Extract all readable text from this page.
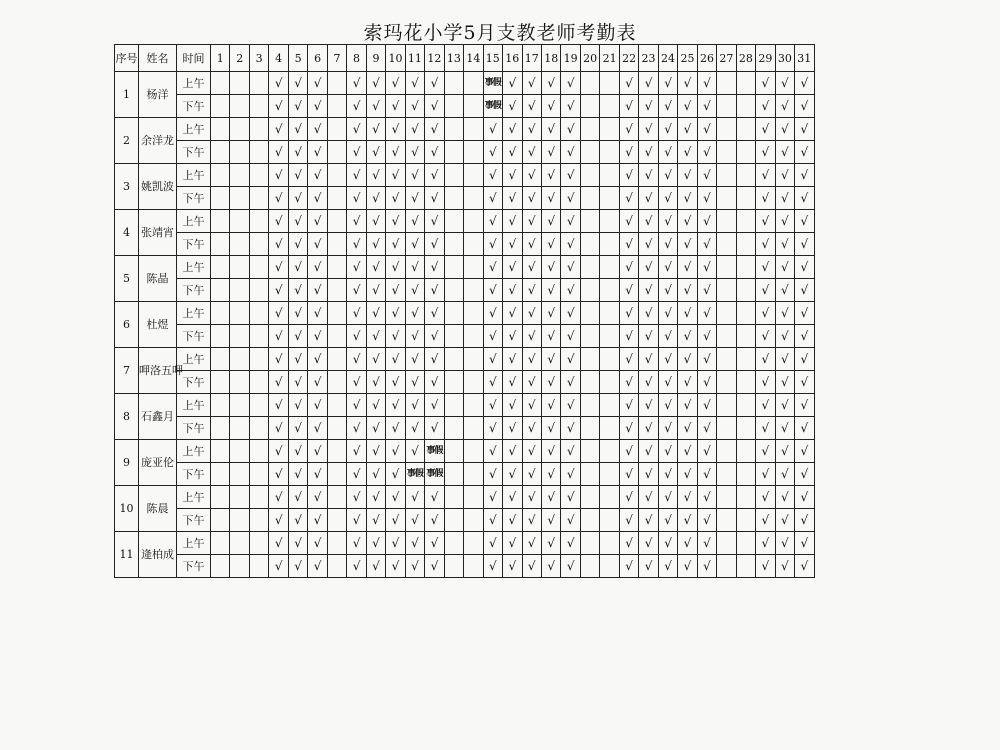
索玛花小学5月支教老师考勤表
序号	姓名	时间	1	2	3	4	5	6	7	8	9	10	11	12	13	14	15	16	17	18	19	20	21	22	23	24	25	26	27	28	29	30	31
1	杨洋	上午				√	√	√		√	√	√	√	√			事假	√	√	√	√			√	√	√	√	√			√	√	√
		下午				√	√	√		√	√	√	√	√			事假	√	√	√	√			√	√	√	√	√			√	√	√
2	余洋龙	上午				√	√	√		√	√	√	√	√			√	√	√	√	√			√	√	√	√	√			√	√	√
		下午				√	√	√		√	√	√	√	√			√	√	√	√	√			√	√	√	√	√			√	√	√
3	姚凯波	上午				√	√	√		√	√	√	√	√			√	√	√	√	√			√	√	√	√	√			√	√	√
		下午				√	√	√		√	√	√	√	√			√	√	√	√	√			√	√	√	√	√			√	√	√
4	张靖宵	上午				√	√	√		√	√	√	√	√			√	√	√	√	√			√	√	√	√	√			√	√	√
		下午				√	√	√		√	√	√	√	√			√	√	√	√	√			√	√	√	√	√			√	√	√
5	陈晶	上午				√	√	√		√	√	√	√	√			√	√	√	√	√			√	√	√	√	√			√	√	√
		下午				√	√	√		√	√	√	√	√			√	√	√	√	√			√	√	√	√	√			√	√	√
6	杜煜	上午				√	√	√		√	√	√	√	√			√	√	√	√	√			√	√	√	√	√			√	√	√
		下午				√	√	√		√	√	√	√	√			√	√	√	√	√			√	√	√	√	√			√	√	√
7	呷洛五呷	上午				√	√	√		√	√	√	√	√			√	√	√	√	√			√	√	√	√	√			√	√	√
		下午				√	√	√		√	√	√	√	√			√	√	√	√	√			√	√	√	√	√			√	√	√
8	石鑫月	上午				√	√	√		√	√	√	√	√			√	√	√	√	√			√	√	√	√	√			√	√	√
		下午				√	√	√		√	√	√	√	√			√	√	√	√	√			√	√	√	√	√			√	√	√
9	庞亚伦	上午				√	√	√		√	√	√	√	事假			√	√	√	√	√			√	√	√	√	√			√	√	√
		下午				√	√	√		√	√	√	事假	事假			√	√	√	√	√			√	√	√	√	√			√	√	√
10	陈晨	上午				√	√	√		√	√	√	√	√			√	√	√	√	√			√	√	√	√	√			√	√	√
		下午				√	√	√		√	√	√	√	√			√	√	√	√	√			√	√	√	√	√			√	√	√
11	逄柏成	上午				√	√	√		√	√	√	√	√			√	√	√	√	√			√	√	√	√	√			√	√	√
		下午				√	√	√		√	√	√	√	√			√	√	√	√	√			√	√	√	√	√			√	√	√
